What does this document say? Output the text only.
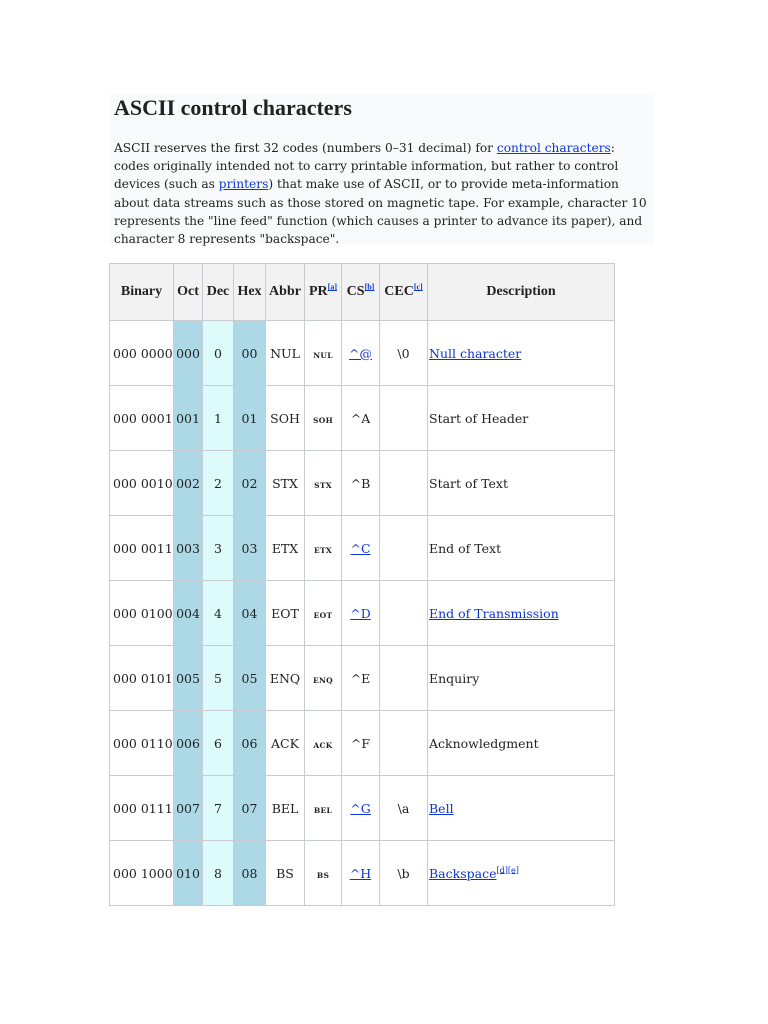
ASCII control characters

ASCII reserves the first 32 codes (numbers 0–31 decimal) for control characters: codes originally intended not to carry printable information, but rather to control devices (such as printers) that make use of ASCII, or to provide meta-information about data streams such as those stored on magnetic tape. For example, character 10 represents the "line feed" function (which causes a printer to advance its paper), and character 8 represents "backspace".

Binary	Oct	Dec	Hex	Abbr	PR[a]	CS[b]	CEC[c]	Description
000 0000	000	0	00	NUL	NUL	^@	\0	Null character
000 0001	001	1	01	SOH	SOH	^A		Start of Header
000 0010	002	2	02	STX	STX	^B		Start of Text
000 0011	003	3	03	ETX	ETX	^C		End of Text
000 0100	004	4	04	EOT	EOT	^D		End of Transmission
000 0101	005	5	05	ENQ	ENQ	^E		Enquiry
000 0110	006	6	06	ACK	ACK	^F		Acknowledgment
000 0111	007	7	07	BEL	BEL	^G	\a	Bell
000 1000	010	8	08	BS	BS	^H	\b	Backspace[d][e]
